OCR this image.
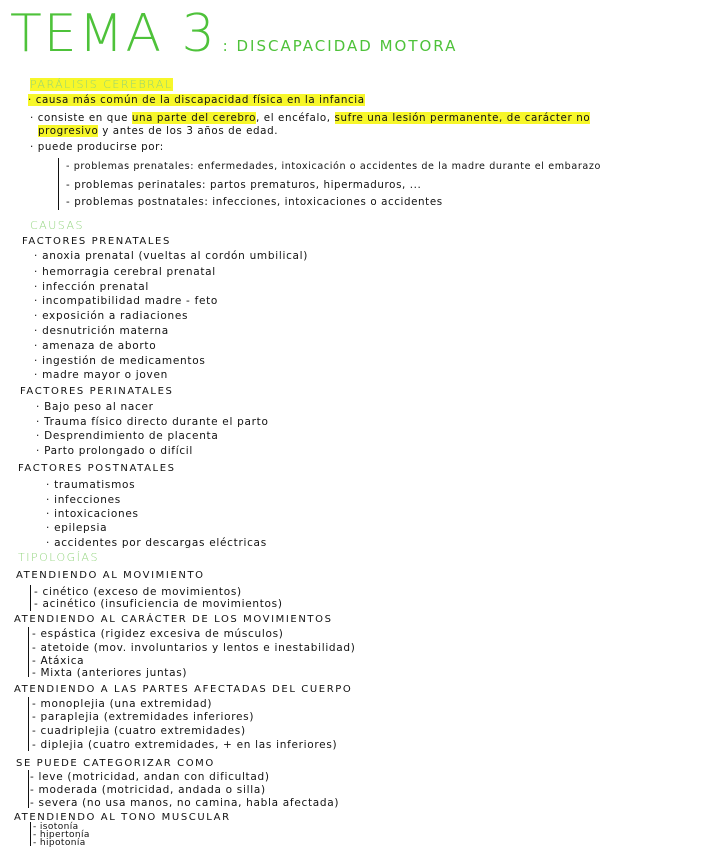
TEMA 3 : DISCAPACIDAD MOTORA
PARÁLISIS CEREBRAL
· causa más común de la discapacidad física en la infancia
· consiste en que una parte del cerebro, el encéfalo, sufre una lesión permanente, de carácter no
progresivo y antes de los 3 años de edad.
· puede producirse por:
- problemas prenatales: enfermedades, intoxicación o accidentes de la madre durante el embarazo
- problemas perinatales: partos prematuros, hipermaduros, ...
- problemas postnatales: infecciones, intoxicaciones o accidentes
CAUSAS
FACTORES PRENATALES
· anoxia prenatal (vueltas al cordón umbilical)
· hemorragia cerebral prenatal
· infección prenatal
· incompatibilidad madre - feto
· exposición a radiaciones
· desnutrición materna
· amenaza de aborto
· ingestión de medicamentos
· madre mayor o joven
FACTORES PERINATALES
· Bajo peso al nacer
· Trauma físico directo durante el parto
· Desprendimiento de placenta
· Parto prolongado o difícil
FACTORES POSTNATALES
· traumatismos
· infecciones
· intoxicaciones
· epilepsia
· accidentes por descargas eléctricas
TIPOLOGÍAS
ATENDIENDO AL MOVIMIENTO
- cinético (exceso de movimientos)
- acinético (insuficiencia de movimientos)
ATENDIENDO AL CARÁCTER DE LOS MOVIMIENTOS
- espástica (rigidez excesiva de músculos)
- atetoide (mov. involuntarios y lentos e inestabilidad)
- Atáxica
- Mixta (anteriores juntas)
ATENDIENDO A LAS PARTES AFECTADAS DEL CUERPO
- monoplejia (una extremidad)
- paraplejia (extremidades inferiores)
- cuadriplejia (cuatro extremidades)
- diplejia (cuatro extremidades, + en las inferiores)
SE PUEDE CATEGORIZAR COMO
- leve (motricidad, andan con dificultad)
- moderada (motricidad, andada o silla)
- severa (no usa manos, no camina, habla afectada)
ATENDIENDO AL TONO MUSCULAR
- isotonía
- hipertonía
- hipotonía
